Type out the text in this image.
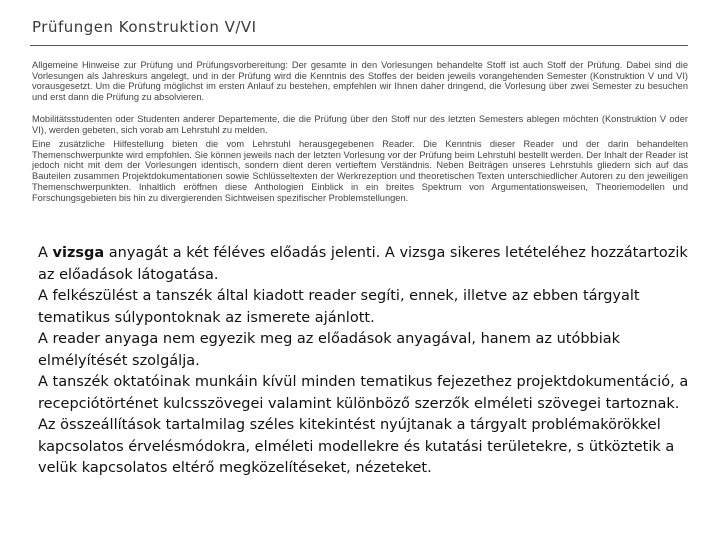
Prüfungen Konstruktion V/VI

Allgemeine Hinweise zur Prüfung und Prüfungsvorbereitung: Der gesamte in den Vorlesungen behandelte Stoff ist auch Stoff der Prüfung. Dabei sind die Vorlesungen als Jahreskurs angelegt, und in der Prüfung wird die Kenntnis des Stoffes der beiden jeweils vorangehenden Semester (Konstruktion V und VI) vorausgesetzt. Um die Prüfung möglichst im ersten Anlauf zu bestehen, empfehlen wir Ihnen daher dringend, die Vorlesung über zwei Semester zu besuchen und erst dann die Prüfung zu absolvieren.

Mobilitätsstudenten oder Studenten anderer Departemente, die die Prüfung über den Stoff nur des letzten Semesters ablegen möchten (Konstruktion V oder VI), werden gebeten, sich vorab am Lehrstuhl zu melden.

Eine zusätzliche Hilfestellung bieten die vom Lehrstuhl herausgegebenen Reader. Die Kenntnis dieser Reader und der darin behandelten Themenschwerpunkte wird empfohlen. Sie können jeweils nach der letzten Vorlesung vor der Prüfung beim Lehrstuhl bestellt werden. Der Inhalt der Reader ist jedoch nicht mit dem der Vorlesungen identisch, sondern dient deren vertieftem Verständnis. Neben Beiträgen unseres Lehrstuhls gliedern sich auf das Bauteilen zusammen Projektdokumentationen sowie Schlüsseltexten der Werkrezeption und theoretischen Texten unterschiedlicher Autoren zu den jeweiligen Themenschwerpunkten. Inhaltlich eröffnen diese Anthologien Einblick in ein breites Spektrum von Argumentationsweisen, Theoriemodellen und Forschungsgebieten bis hin zu divergierenden Sichtweisen spezifischer Problemstellungen.

A vizsga anyagát a két féléves előadás jelenti. A vizsga sikeres letételéhez hozzátartozik az előadások látogatása.

A felkészülést a tanszék által kiadott reader segíti, ennek, illetve az ebben tárgyalt tematikus súlypontoknak az ismerete ajánlott.

A reader anyaga nem egyezik meg az előadások anyagával, hanem az utóbbiak elmélyítését szolgálja.

A tanszék oktatóinak munkáin kívül minden tematikus fejezethez projektdokumentáció, a recepciótörténet kulcsszövegei valamint különböző szerzők elméleti szövegei tartoznak.

Az összeállítások tartalmilag széles kitekintést nyújtanak a tárgyalt problémakörökkel kapcsolatos érvelésmódokra, elméleti modellekre és kutatási területekre, s ütköztetik a velük kapcsolatos eltérő megközelítéseket, nézeteket.
